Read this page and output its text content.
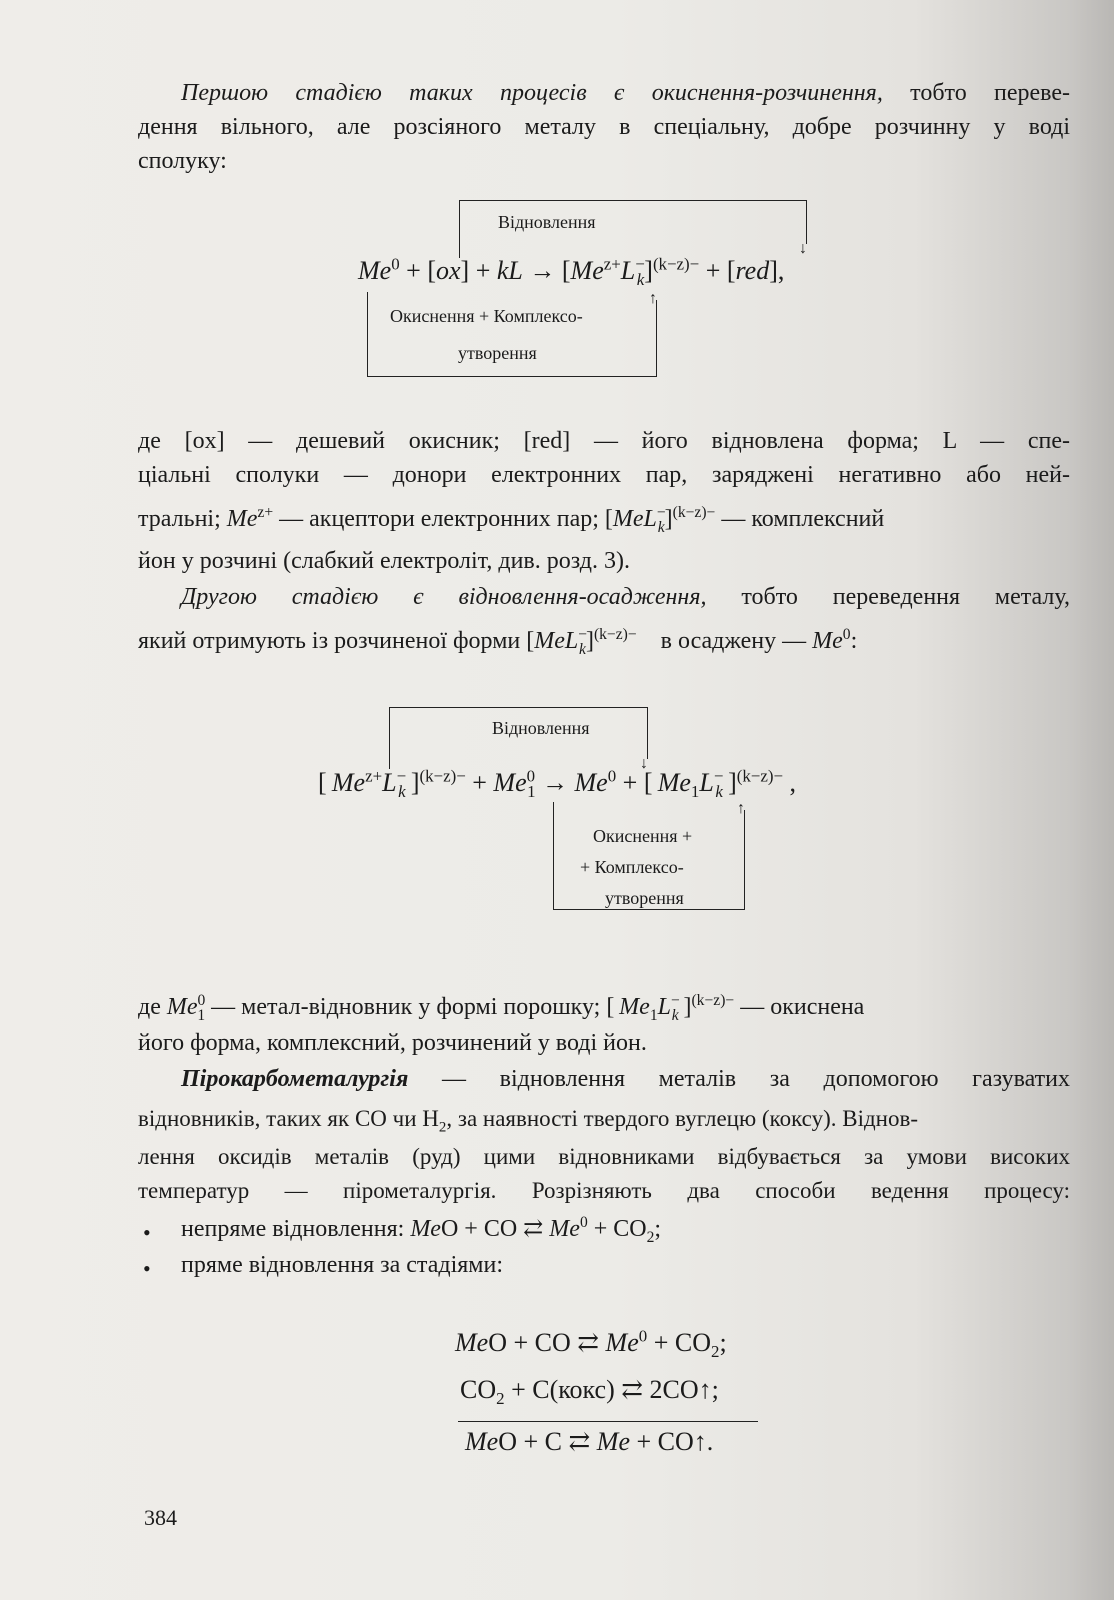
Першою стадією таких процесів є окиснення-розчинення, тобто переве-
дення вільного, але розсіяного металу в спеціальну, добре розчинну у воді
сполуку:
↓
Відновлення
$Me^0 + [ox]$ + kL → $[Me^{z+}L^-_k]^{(k-z)-} + [red]$,
↑
Окиснення + Комплексо-
утворення
де [ox] — дешевий окисник; [red] — його відновлена форма; L — спе-
ціальні сполуки — донори електронних пар, заряджені негативно або ней-
тральні; $Me^{z+}$ — акцептори електронних пар; $[MeL^-_k]^{(k-z)-}$ — комплексний
йон у розчині (слабкий електроліт, див. розд. 3).
Другою стадією є відновлення-осадження, тобто переведення металу,
який отримують із розчиненої форми $[MeL^-_k]^{(k-z)-}$ в осаджену — Me$^0$:
↓
Відновлення
[ $Me^{z+}L^-_k$ ]$^{(k-z)-} + Me^0_1 \to Me^0$ + [ $Me_1L^-_k$ ]$^{(k-z)-}$ ,
↑
Окиснення +
+ Комплексо-
утворення
де $Me^0_1$ — метал-відновник у формі порошку; [ $Me_1L^-_k$ ]$^{(k-z)-}$ — окиснена
його форма, комплексний, розчинений у воді йон.
Пірокарбометалургія — відновлення металів за допомогою газуватих
відновників, таких як CO чи $H_2$, за наявності твердого вуглецю (коксу). Віднов-
лення оксидів металів (руд) цими відновниками відбувається за умови високих
температур — пірометалургія. Розрізняють два способи ведення процесу:
• непряме відновлення: MeO + CO ⇄ $Me^0 + CO_2$;
• пряме відновлення за стадіями:
MeO + CO ⇄ $Me^0 + CO_2$;
$CO_2$ + C(кокс) ⇄ 2CO↑;
MeO + C ⇄ Me + CO↑.
384
